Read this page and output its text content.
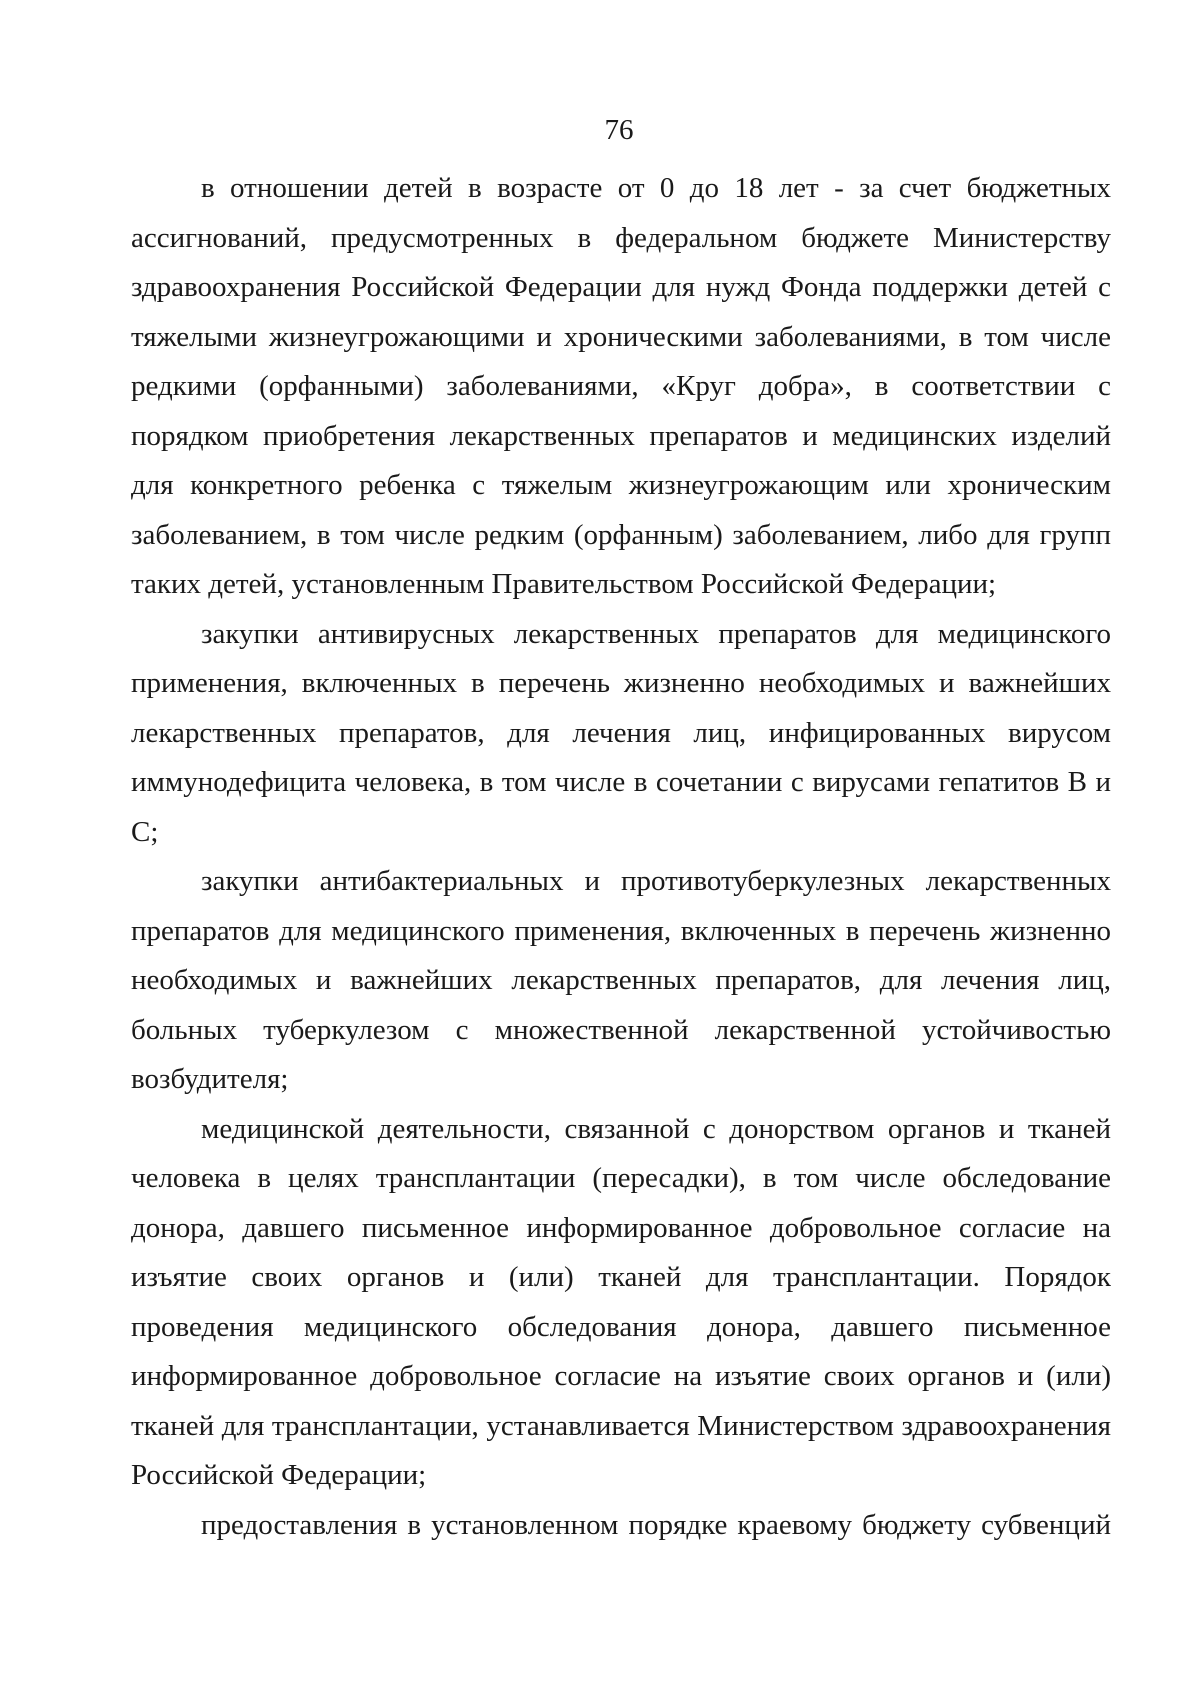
76

в отношении детей в возрасте от 0 до 18 лет - за счет бюджетных ассигнований, предусмотренных в федеральном бюджете Министерству здравоохранения Российской Федерации для нужд Фонда поддержки детей с тяжелыми жизнеугрожающими и хроническими заболеваниями, в том числе редкими (орфанными) заболеваниями, «Круг добра», в соответствии с порядком приобретения лекарственных препаратов и медицинских изделий для конкретного ребенка с тяжелым жизнеугрожающим или хроническим заболеванием, в том числе редким (орфанным) заболеванием, либо для групп таких детей, установленным Правительством Российской Федерации;

закупки антивирусных лекарственных препаратов для медицинского применения, включенных в перечень жизненно необходимых и важнейших лекарственных препаратов, для лечения лиц, инфицированных вирусом иммунодефицита человека, в том числе в сочетании с вирусами гепатитов В и С;

закупки антибактериальных и противотуберкулезных лекарственных препаратов для медицинского применения, включенных в перечень жизненно необходимых и важнейших лекарственных препаратов, для лечения лиц, больных туберкулезом с множественной лекарственной устойчивостью возбудителя;

медицинской деятельности, связанной с донорством органов и тканей человека в целях трансплантации (пересадки), в том числе обследование донора, давшего письменное информированное добровольное согласие на изъятие своих органов и (или) тканей для трансплантации. Порядок проведения медицинского обследования донора, давшего письменное информированное добровольное согласие на изъятие своих органов и (или) тканей для трансплантации, устанавливается Министерством здравоохранения Российской Федерации;

предоставления в установленном порядке краевому бюджету субвенций
